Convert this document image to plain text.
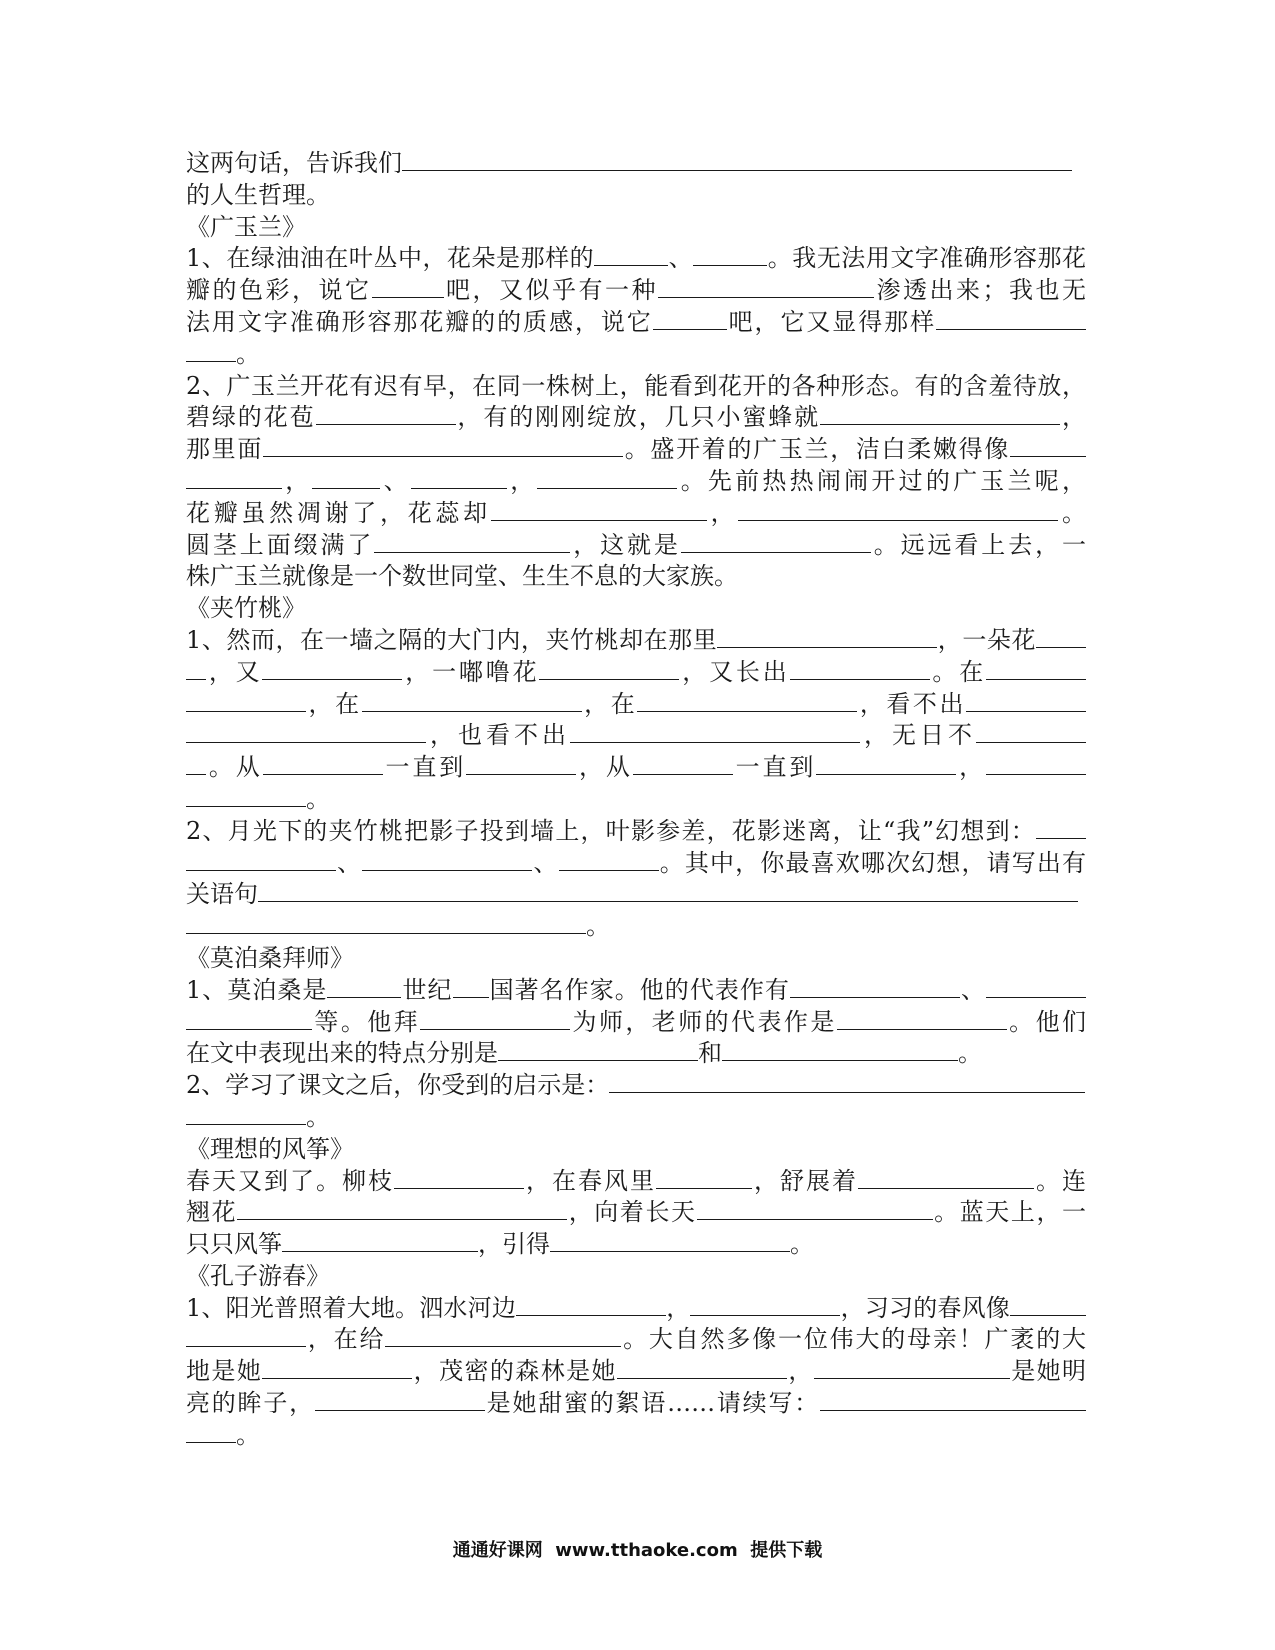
这两句话，告诉我们
的人生哲理。
《广玉兰》
1、在绿油油在叶丛中，花朵是那样的	、	。我无法用文字准确形容那花
瓣的色彩，说它	吧，又似乎有一种	渗透出来；我也无
法用文字准确形容那花瓣的的质感，说它	吧，它又显得那样
。
2、广玉兰开花有迟有早，在同一株树上，能看到花开的各种形态。有的含羞待放，
碧绿的花苞	，有的刚刚绽放，几只小蜜蜂就	，
那里面	。盛开着的广玉兰，洁白柔嫩得像
，	、	，	。先前热热闹闹开过的广玉兰呢，
花瓣虽然凋谢了，花蕊却	，	。
圆茎上面缀满了	，这就是	。远远看上去，一
株广玉兰就像是一个数世同堂、生生不息的大家族。
《夹竹桃》
1、然而，在一墙之隔的大门内，夹竹桃却在那里	，一朵花
，又	，一嘟噜花	，又长出	。在
，在	，在	，看不出
，也看不出	，无日不
。从	一直到	，从	一直到	，
。
2、月光下的夹竹桃把影子投到墙上，叶影参差，花影迷离，让“我”幻想到：
、	、	。其中，你最喜欢哪次幻想，请写出有
关语句
。
《莫泊桑拜师》
1、莫泊桑是	世纪 国著名作家。他的代表作有	、
等。他拜	为师，老师的代表作是	。他们
在文中表现出来的特点分别是	和	。
2、学习了课文之后，你受到的启示是：
。
《理想的风筝》
春天又到了。柳枝	，在春风里	，舒展着	。连
翘花	，向着长天	。蓝天上，一
只只风筝	，引得	。
《孔子游春》
1、阳光普照着大地。泗水河边	，	，习习的春风像
，在给	。大自然多像一位伟大的母亲！广袤的大
地是她	，茂密的森林是她	，	是她明
亮的眸子，	是她甜蜜的絮语……请续写：
。
通通好课网  www.tthaoke.com  提供下载
